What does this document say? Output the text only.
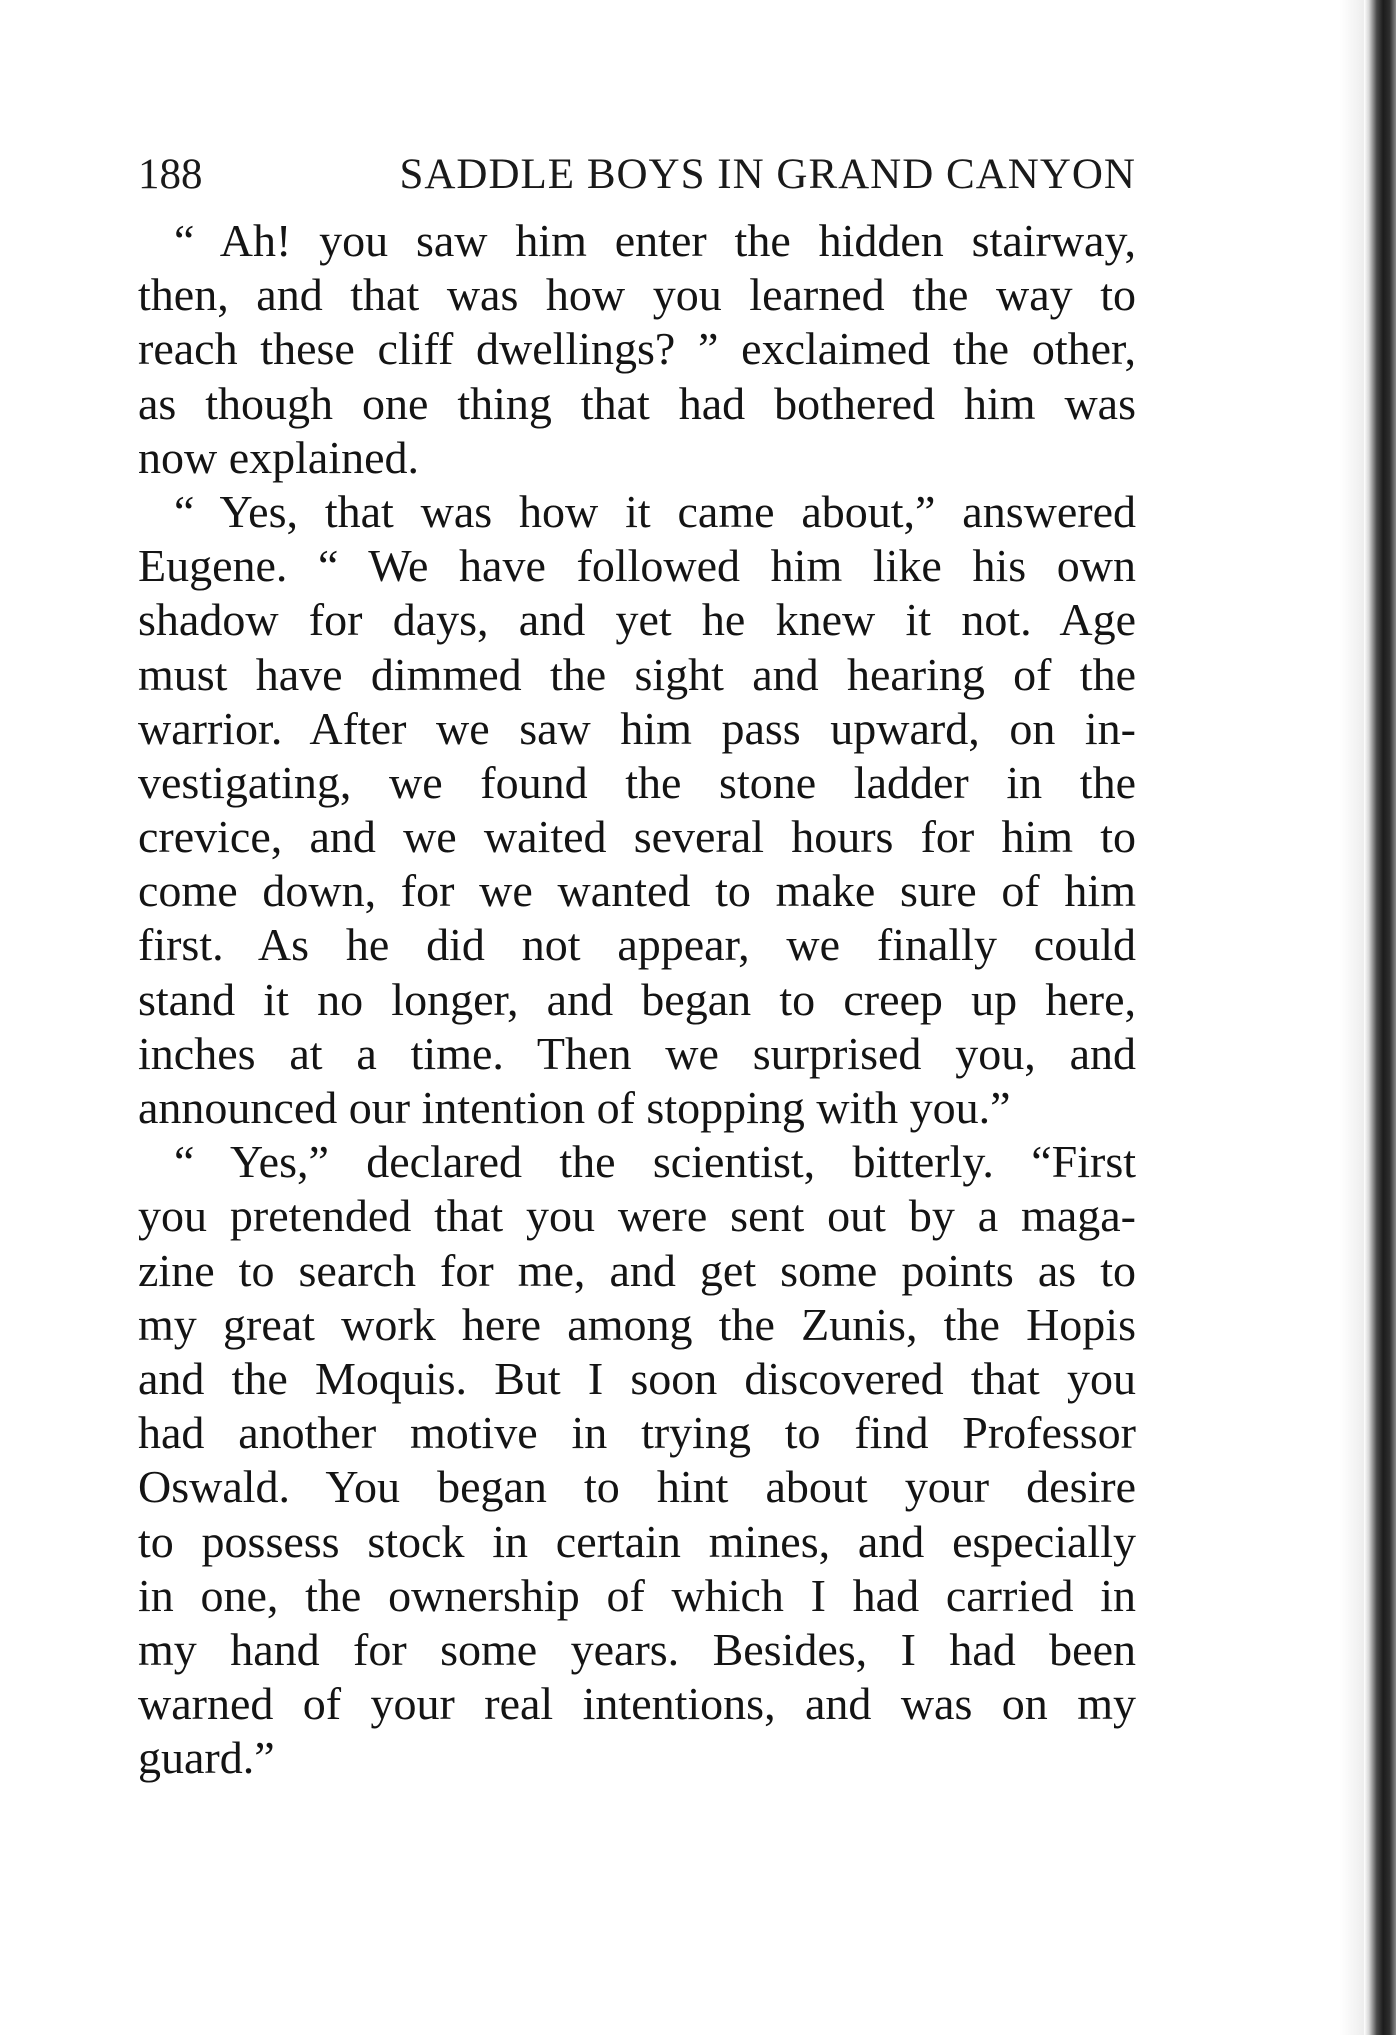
188	SADDLE BOYS IN GRAND CANYON
“ Ah! you saw him enter the hidden stairway,
then, and that was how you learned the way to
reach these cliff dwellings? ” exclaimed the other,
as though one thing that had bothered him was
now explained.
“ Yes, that was how it came about,” answered
Eugene. “ We have followed him like his own
shadow for days, and yet he knew it not. Age
must have dimmed the sight and hearing of the
warrior. After we saw him pass upward, on in-
vestigating, we found the stone ladder in the
crevice, and we waited several hours for him to
come down, for we wanted to make sure of him
first. As he did not appear, we finally could
stand it no longer, and began to creep up here,
inches at a time. Then we surprised you, and
announced our intention of stopping with you.”
“ Yes,” declared the scientist, bitterly. “First
you pretended that you were sent out by a maga-
zine to search for me, and get some points as to
my great work here among the Zunis, the Hopis
and the Moquis. But I soon discovered that you
had another motive in trying to find Professor
Oswald. You began to hint about your desire
to possess stock in certain mines, and especially
in one, the ownership of which I had carried in
my hand for some years. Besides, I had been
warned of your real intentions, and was on my
guard.”
